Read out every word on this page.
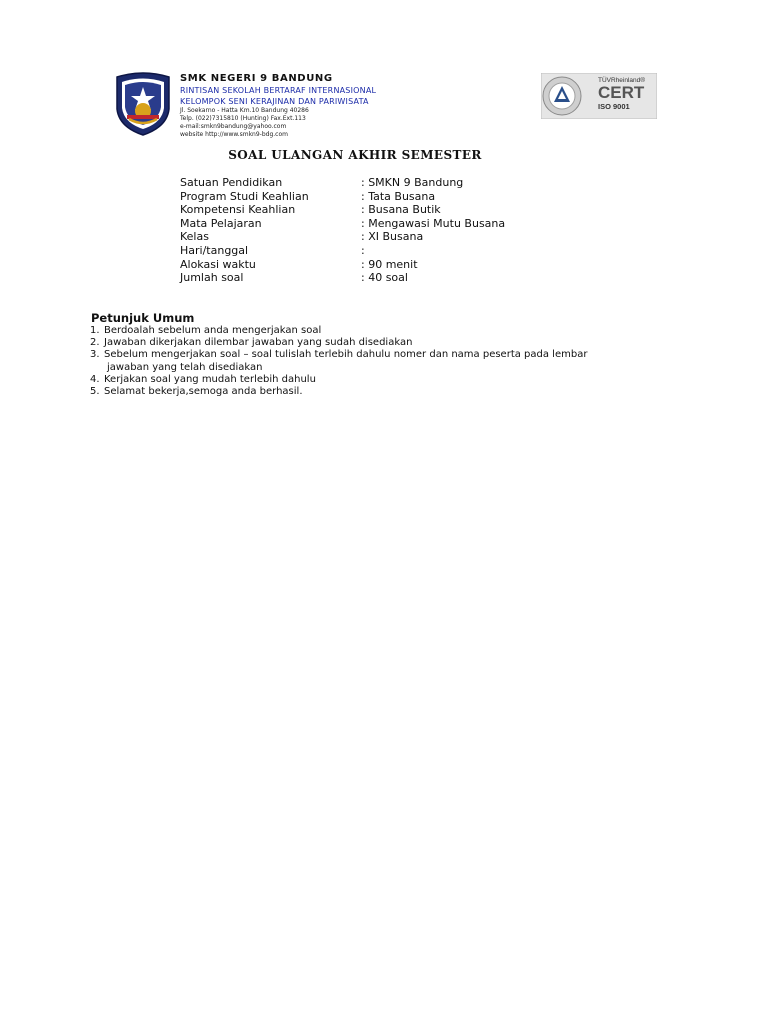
SMK NEGERI 9 BANDUNG
RINTISAN SEKOLAH BERTARAF INTERNASIONAL
KELOMPOK SENI KERAJINAN DAN PARIWISATA
Jl. Soekarno - Hatta Km.10 Bandung 40286
Telp. (022)7315810 (Hunting) Fax.Ext.113
e-mail:smkn9bandung@yahoo.com
website http://www.smkn9-bdg.com
TÜVRheinland®
CERT
ISO 9001
SOAL ULANGAN AKHIR SEMESTER
Satuan Pendidikan	: SMKN 9 Bandung
Program Studi Keahlian	: Tata Busana
Kompetensi Keahlian	: Busana Butik
Mata Pelajaran	: Mengawasi Mutu Busana
Kelas	: XI Busana
Hari/tanggal	:
Alokasi waktu	: 90 menit
Jumlah soal	: 40 soal
Petunjuk Umum
1. Berdoalah sebelum anda mengerjakan soal
2. Jawaban dikerjakan dilembar jawaban yang sudah disediakan
3. Sebelum mengerjakan soal – soal tulislah terlebih dahulu nomer dan nama peserta pada lembar
jawaban yang telah disediakan
4. Kerjakan soal yang mudah terlebih dahulu
5. Selamat bekerja,semoga anda berhasil.
